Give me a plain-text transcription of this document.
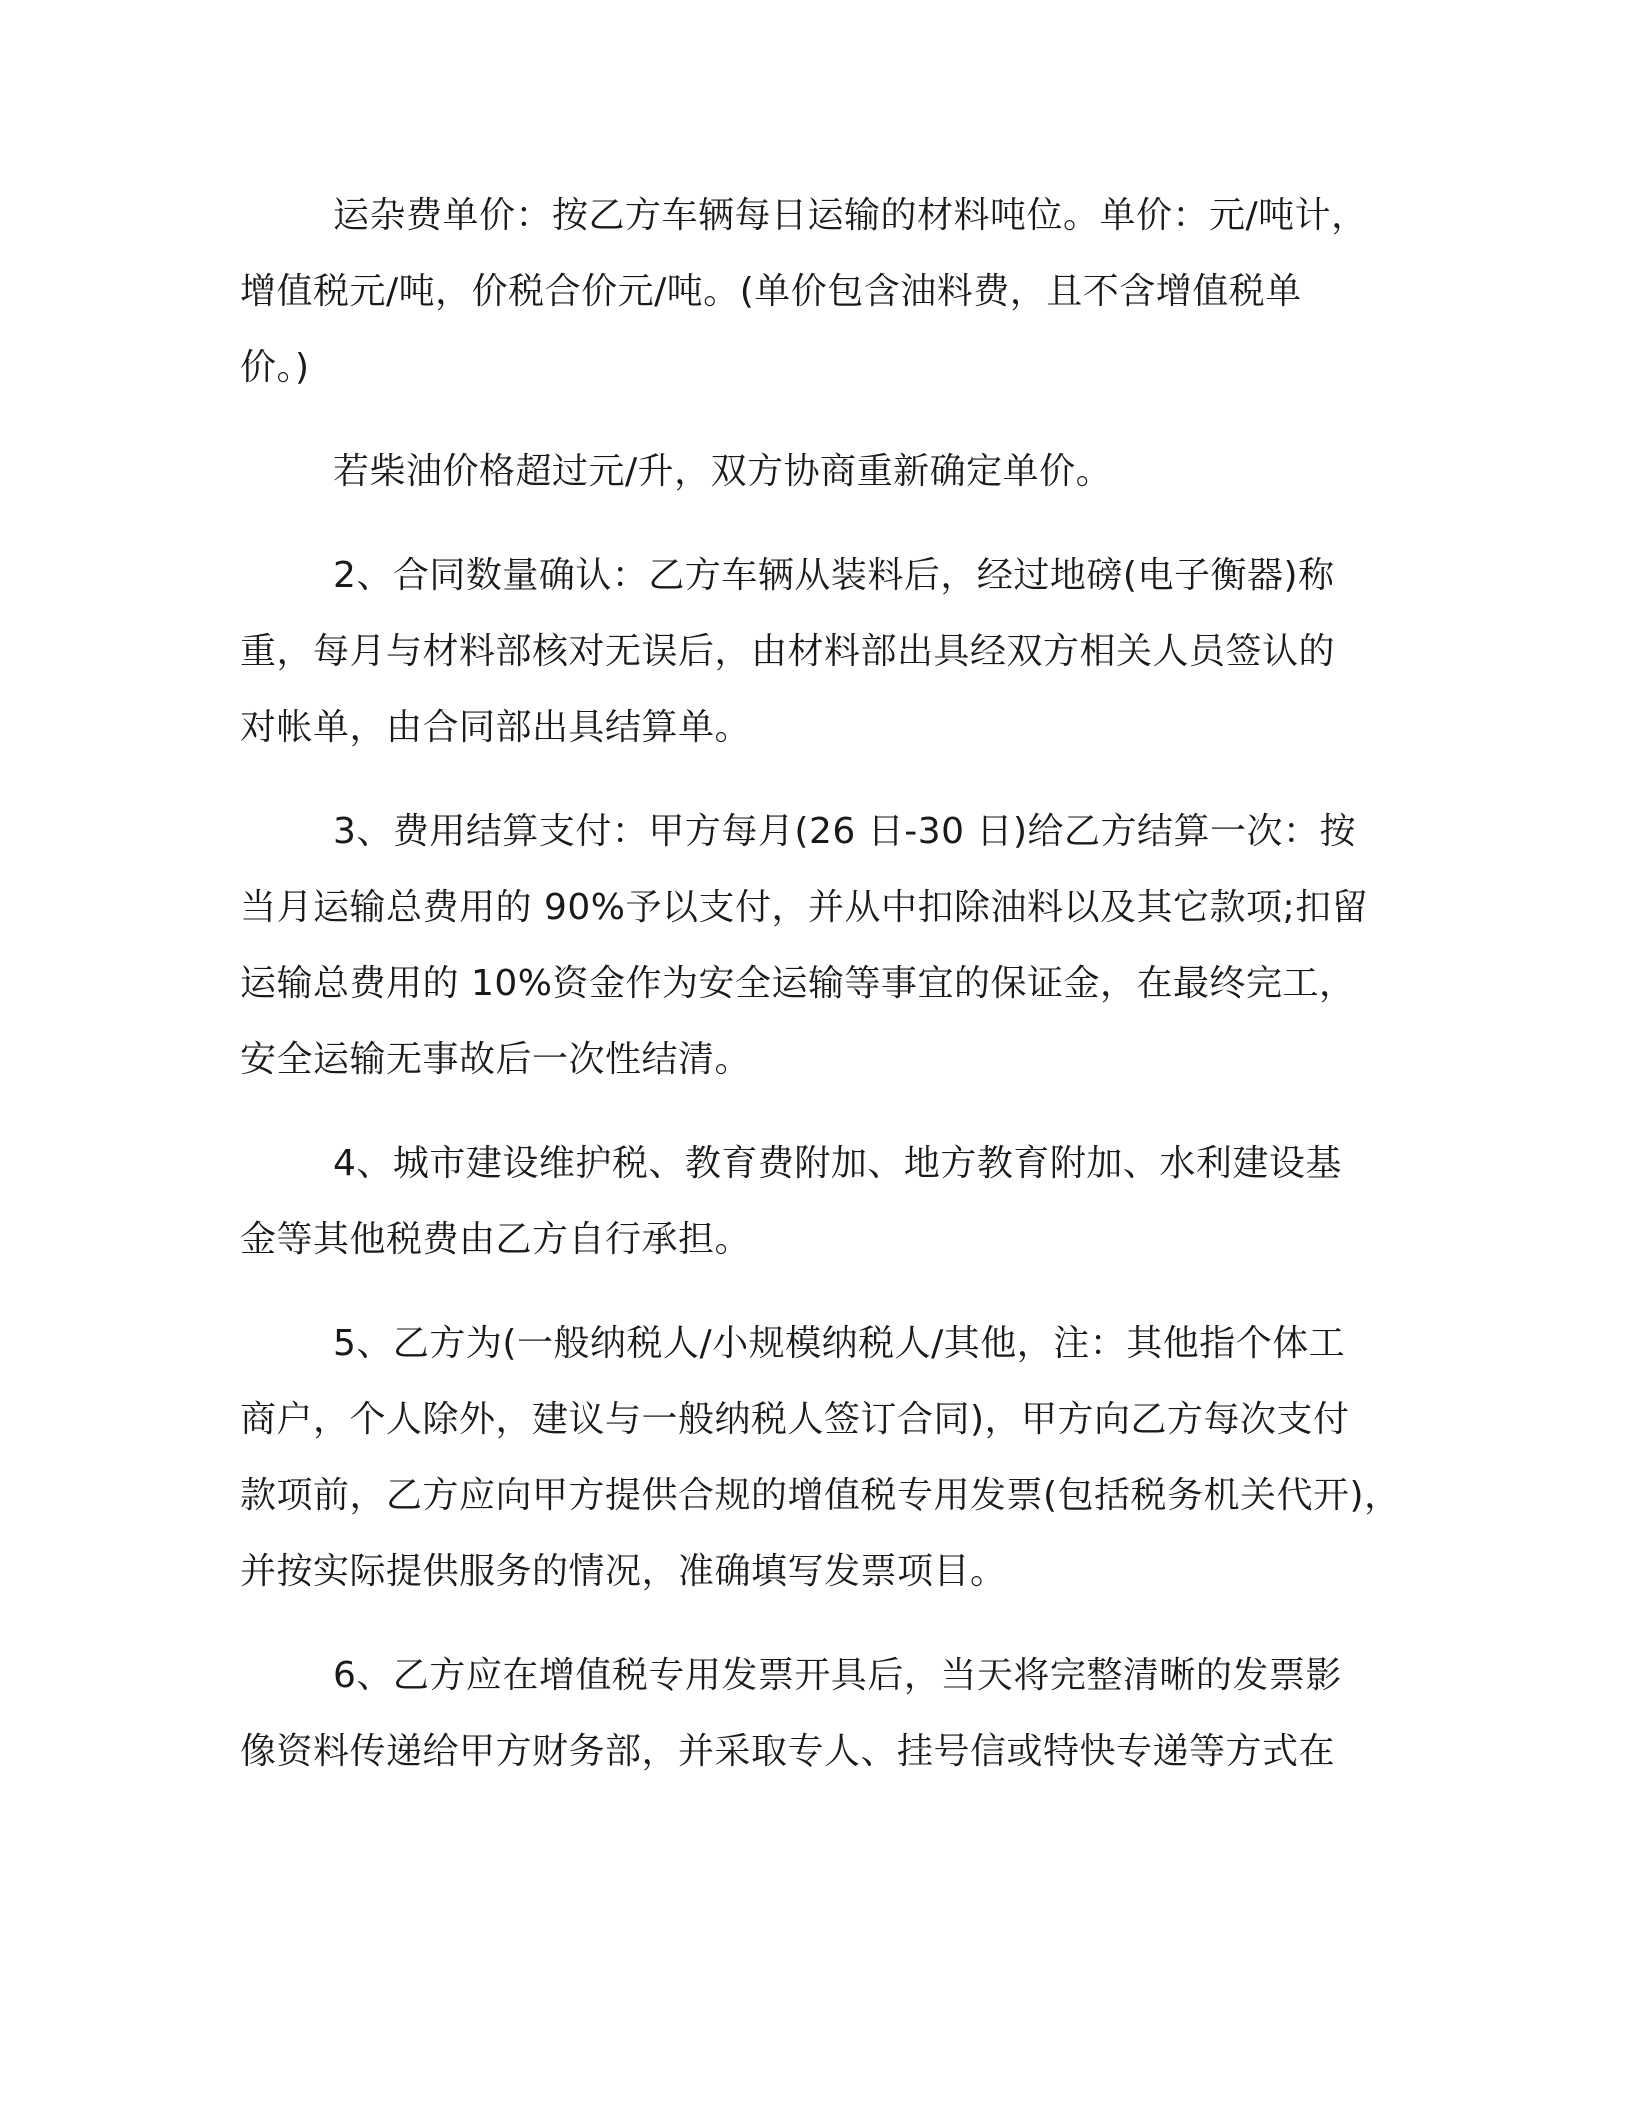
运杂费单价：按乙方车辆每日运输的材料吨位。单价：元/吨计，
增值税元/吨，价税合价元/吨。(单价包含油料费，且不含增值税单
价。)
若柴油价格超过元/升，双方协商重新确定单价。
2、合同数量确认：乙方车辆从装料后，经过地磅(电子衡器)称
重，每月与材料部核对无误后，由材料部出具经双方相关人员签认的
对帐单，由合同部出具结算单。
3、费用结算支付：甲方每月(26 日-30 日)给乙方结算一次：按
当月运输总费用的 90%予以支付，并从中扣除油料以及其它款项;扣留
运输总费用的 10%资金作为安全运输等事宜的保证金，在最终完工，
安全运输无事故后一次性结清。
4、城市建设维护税、教育费附加、地方教育附加、水利建设基
金等其他税费由乙方自行承担。
5、乙方为(一般纳税人/小规模纳税人/其他，注：其他指个体工
商户，个人除外，建议与一般纳税人签订合同)，甲方向乙方每次支付
款项前，乙方应向甲方提供合规的增值税专用发票(包括税务机关代开)，
并按实际提供服务的情况，准确填写发票项目。
6、乙方应在增值税专用发票开具后，当天将完整清晰的发票影
像资料传递给甲方财务部，并采取专人、挂号信或特快专递等方式在
